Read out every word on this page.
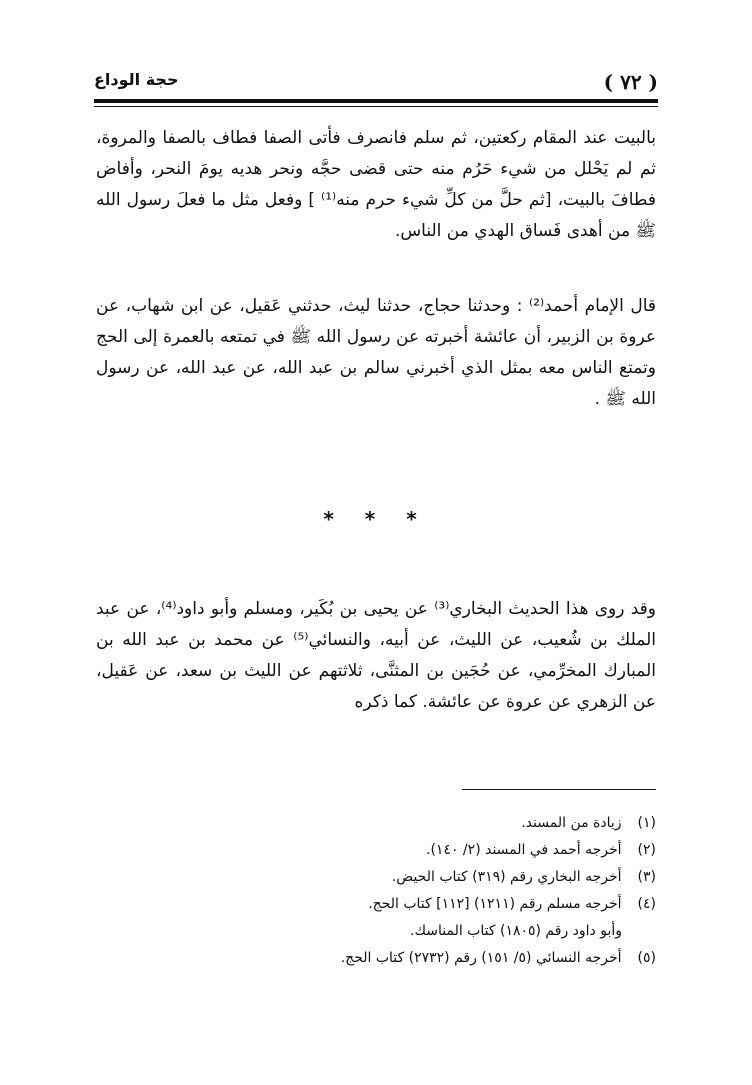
( ٧٢ )
حجة الوداع
بالبيت عند المقام ركعتين، ثم سلم فانصرف فأتى الصفا فطاف بالصفا والمروة، ثم لم يَحْلل من شيء حَرُم منه حتى قضى حجَّه ونحر هديه يومَ النحر، وأفاض فطافَ بالبيت، [ثم حلَّ من كلِّ شيء حرم منه⁽¹⁾ ] وفعل مثل ما فعلَ رسول الله ﷺ من أهدى فَساق الهدي من الناس.
قال الإمام أحمد⁽²⁾ : وحدثنا حجاج، حدثنا ليث، حدثني عَقيل، عن ابن شهاب، عن عروة بن الزبير، أن عائشة أخبرته عن رسول الله ﷺ في تمتعه بالعمرة إلى الحج وتمتع الناس معه بمثل الذي أخبرني سالم بن عبد الله، عن عبد الله، عن رسول الله ﷺ .
* * *
وقد روى هذا الحديث البخاري⁽³⁾ عن يحيى بن بُكَير، ومسلم وأبو داود⁽⁴⁾، عن عبد الملك بن شُعيب، عن الليث، عن أبيه، والنسائي⁽⁵⁾ عن محمد بن عبد الله بن المبارك المخرِّمي، عن حُجَين بن المثنَّى، ثلاثتهم عن الليث بن سعد، عن عَقيل، عن الزهري عن عروة عن عائشة. كما ذكره
(١) زيادة من المسند.
(٢) أخرجه أحمد في المسند (٢/ ١٤٠).
(٣) أخرجه البخاري رقم (٣١٩) كتاب الحيض.
(٤) أخرجه مسلم رقم (١٢١١) [١١٢] كتاب الحج.
وأبو داود رقم (١٨٠٥) كتاب المناسك.
(٥) أخرجه النسائي (٥/ ١٥١) رقم (٢٧٣٢) كتاب الحج.
